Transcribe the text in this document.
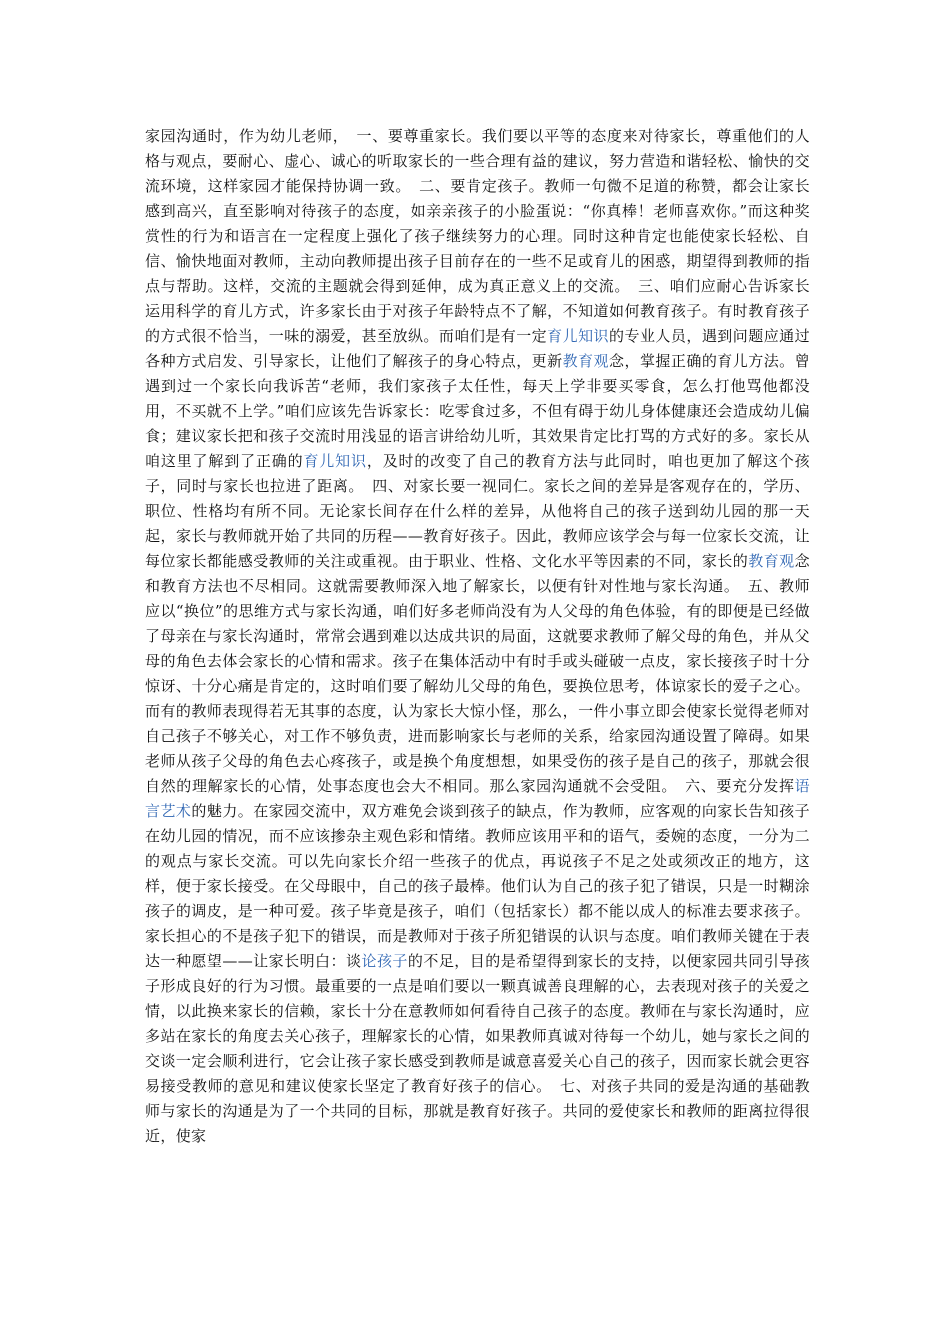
家园沟通时，作为幼儿老师，　一、要尊重家长。我们要以平等的态度来对待家长，尊重他们的人格与观点，要耐心、虚心、诚心的听取家长的一些合理有益的建议，努力营造和谐轻松、愉快的交流环境，这样家园才能保持协调一致。　二、要肯定孩子。教师一句微不足道的称赞，都会让家长感到高兴，直至影响对待孩子的态度，如亲亲孩子的小脸蛋说：“你真棒！老师喜欢你。”而这种奖赏性的行为和语言在一定程度上强化了孩子继续努力的心理。同时这种肯定也能使家长轻松、自信、愉快地面对教师，主动向教师提出孩子目前存在的一些不足或育儿的困惑，期望得到教师的指点与帮助。这样，交流的主题就会得到延伸，成为真正意义上的交流。　三、咱们应耐心告诉家长运用科学的育儿方式，许多家长由于对孩子年龄特点不了解，不知道如何教育孩子。有时教育孩子的方式很不恰当，一味的溺爱，甚至放纵。而咱们是有一定育儿知识的专业人员，遇到问题应通过各种方式启发、引导家长，让他们了解孩子的身心特点，更新教育观念，掌握正确的育儿方法。曾遇到过一个家长向我诉苦“老师，我们家孩子太任性，每天上学非要买零食，怎么打他骂他都没用，不买就不上学。”咱们应该先告诉家长：吃零食过多，不但有碍于幼儿身体健康还会造成幼儿偏食；建议家长把和孩子交流时用浅显的语言讲给幼儿听，其效果肯定比打骂的方式好的多。家长从咱这里了解到了正确的育儿知识，及时的改变了自己的教育方法与此同时，咱也更加了解这个孩子，同时与家长也拉进了距离。　四、对家长要一视同仁。家长之间的差异是客观存在的，学历、职位、性格均有所不同。无论家长间存在什么样的差异，从他将自己的孩子送到幼儿园的那一天起，家长与教师就开始了共同的历程——教育好孩子。因此，教师应该学会与每一位家长交流，让每位家长都能感受教师的关注或重视。由于职业、性格、文化水平等因素的不同，家长的教育观念和教育方法也不尽相同。这就需要教师深入地了解家长，以便有针对性地与家长沟通。　五、教师应以“换位”的思维方式与家长沟通，咱们好多老师尚没有为人父母的角色体验，有的即便是已经做了母亲在与家长沟通时，常常会遇到难以达成共识的局面，这就要求教师了解父母的角色，并从父母的角色去体会家长的心情和需求。孩子在集体活动中有时手或头碰破一点皮，家长接孩子时十分惊讶、十分心痛是肯定的，这时咱们要了解幼儿父母的角色，要换位思考，体谅家长的爱子之心。而有的教师表现得若无其事的态度，认为家长大惊小怪，那么，一件小事立即会使家长觉得老师对自己孩子不够关心，对工作不够负责，进而影响家长与老师的关系，给家园沟通设置了障碍。如果老师从孩子父母的角色去心疼孩子，或是换个角度想想，如果受伤的孩子是自己的孩子，那就会很自然的理解家长的心情，处事态度也会大不相同。那么家园沟通就不会受阻。　六、要充分发挥语言艺术的魅力。在家园交流中，双方难免会谈到孩子的缺点，作为教师，应客观的向家长告知孩子在幼儿园的情况，而不应该掺杂主观色彩和情绪。教师应该用平和的语气，委婉的态度，一分为二的观点与家长交流。可以先向家长介绍一些孩子的优点，再说孩子不足之处或须改正的地方，这样，便于家长接受。在父母眼中，自己的孩子最棒。他们认为自己的孩子犯了错误，只是一时糊涂孩子的调皮，是一种可爱。孩子毕竟是孩子，咱们（包括家长）都不能以成人的标准去要求孩子。家长担心的不是孩子犯下的错误，而是教师对于孩子所犯错误的认识与态度。咱们教师关键在于表达一种愿望——让家长明白：谈论孩子的不足，目的是希望得到家长的支持，以便家园共同引导孩子形成良好的行为习惯。最重要的一点是咱们要以一颗真诚善良理解的心，去表现对孩子的关爱之情，以此换来家长的信赖，家长十分在意教师如何看待自己孩子的态度。教师在与家长沟通时，应多站在家长的角度去关心孩子，理解家长的心情，如果教师真诚对待每一个幼儿，她与家长之间的交谈一定会顺利进行，它会让孩子家长感受到教师是诚意喜爱关心自己的孩子，因而家长就会更容易接受教师的意见和建议使家长坚定了教育好孩子的信心。　七、对孩子共同的爱是沟通的基础教师与家长的沟通是为了一个共同的目标，那就是教育好孩子。共同的爱使家长和教师的距离拉得很近，使家
